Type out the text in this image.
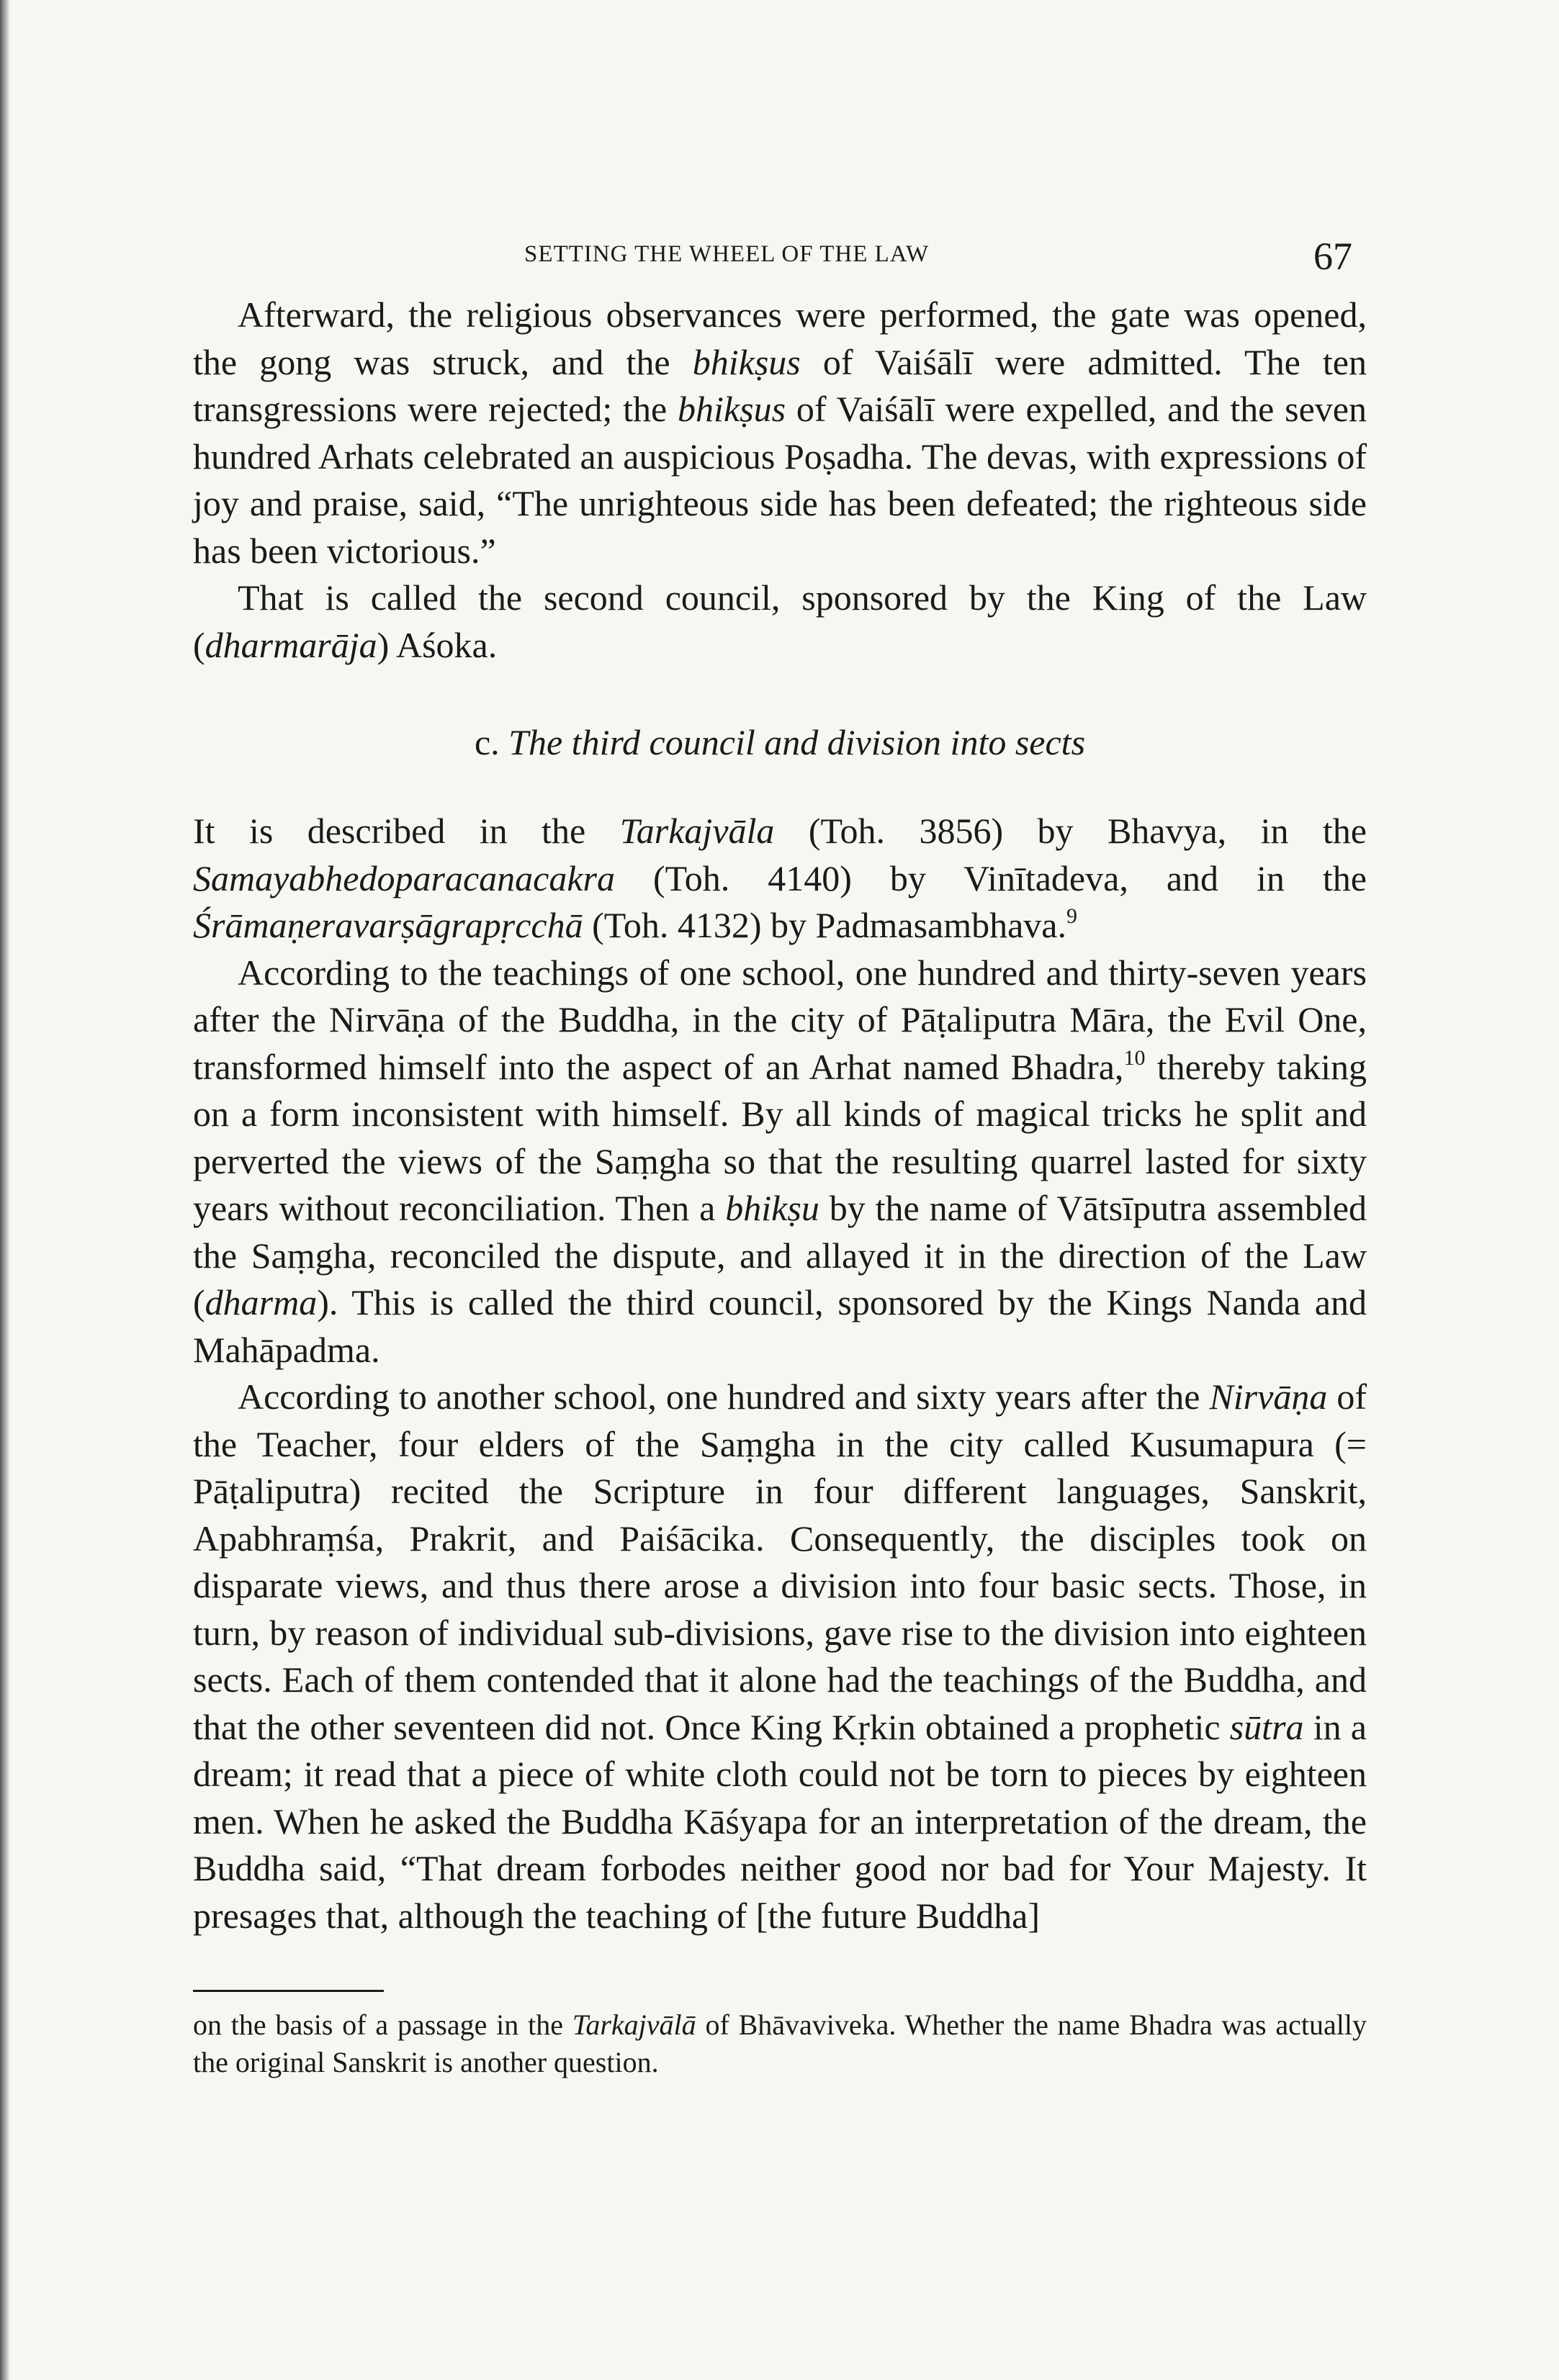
SETTING THE WHEEL OF THE LAW	67

Afterward, the religious observances were performed, the gate was opened, the gong was struck, and the bhikṣus of Vaiśālī were admitted. The ten transgressions were rejected; the bhikṣus of Vaiśālī were expelled, and the seven hundred Arhats celebrated an auspicious Poṣadha. The devas, with expressions of joy and praise, said, “The unrighteous side has been defeated; the righteous side has been victorious.”

That is called the second council, sponsored by the King of the Law (dharmarāja) Aśoka.

c. The third council and division into sects

It is described in the Tarkajvāla (Toh. 3856) by Bhavya, in the Samayabhedoparacanacakra (Toh. 4140) by Vinītadeva, and in the Śrāmaṇeravarṣāgrapṛcchā (Toh. 4132) by Padmasambhava.$^9$

According to the teachings of one school, one hundred and thirty-seven years after the Nirvāṇa of the Buddha, in the city of Pāṭaliputra Māra, the Evil One, transformed himself into the aspect of an Arhat named Bhadra,$^{10}$ thereby taking on a form inconsistent with himself. By all kinds of magical tricks he split and perverted the views of the Saṃgha so that the resulting quarrel lasted for sixty years without reconciliation. Then a bhikṣu by the name of Vātsīputra assembled the Saṃgha, reconciled the dispute, and allayed it in the direction of the Law (dharma). This is called the third council, sponsored by the Kings Nanda and Mahāpadma.

According to another school, one hundred and sixty years after the Nirvāṇa of the Teacher, four elders of the Saṃgha in the city called Kusumapura (= Pāṭaliputra) recited the Scripture in four different languages, Sanskrit, Apabhraṃśa, Prakrit, and Paiśācika. Consequently, the disciples took on disparate views, and thus there arose a division into four basic sects. Those, in turn, by reason of individual sub-divisions, gave rise to the division into eighteen sects. Each of them contended that it alone had the teachings of the Buddha, and that the other seventeen did not. Once King Kṛkin obtained a prophetic sūtra in a dream; it read that a piece of white cloth could not be torn to pieces by eighteen men. When he asked the Buddha Kāśyapa for an interpretation of the dream, the Buddha said, “That dream forbodes neither good nor bad for Your Majesty. It presages that, although the teaching of [the future Buddha]

on the basis of a passage in the Tarkajvālā of Bhāvaviveka. Whether the name Bhadra was actually the original Sanskrit is another question.
